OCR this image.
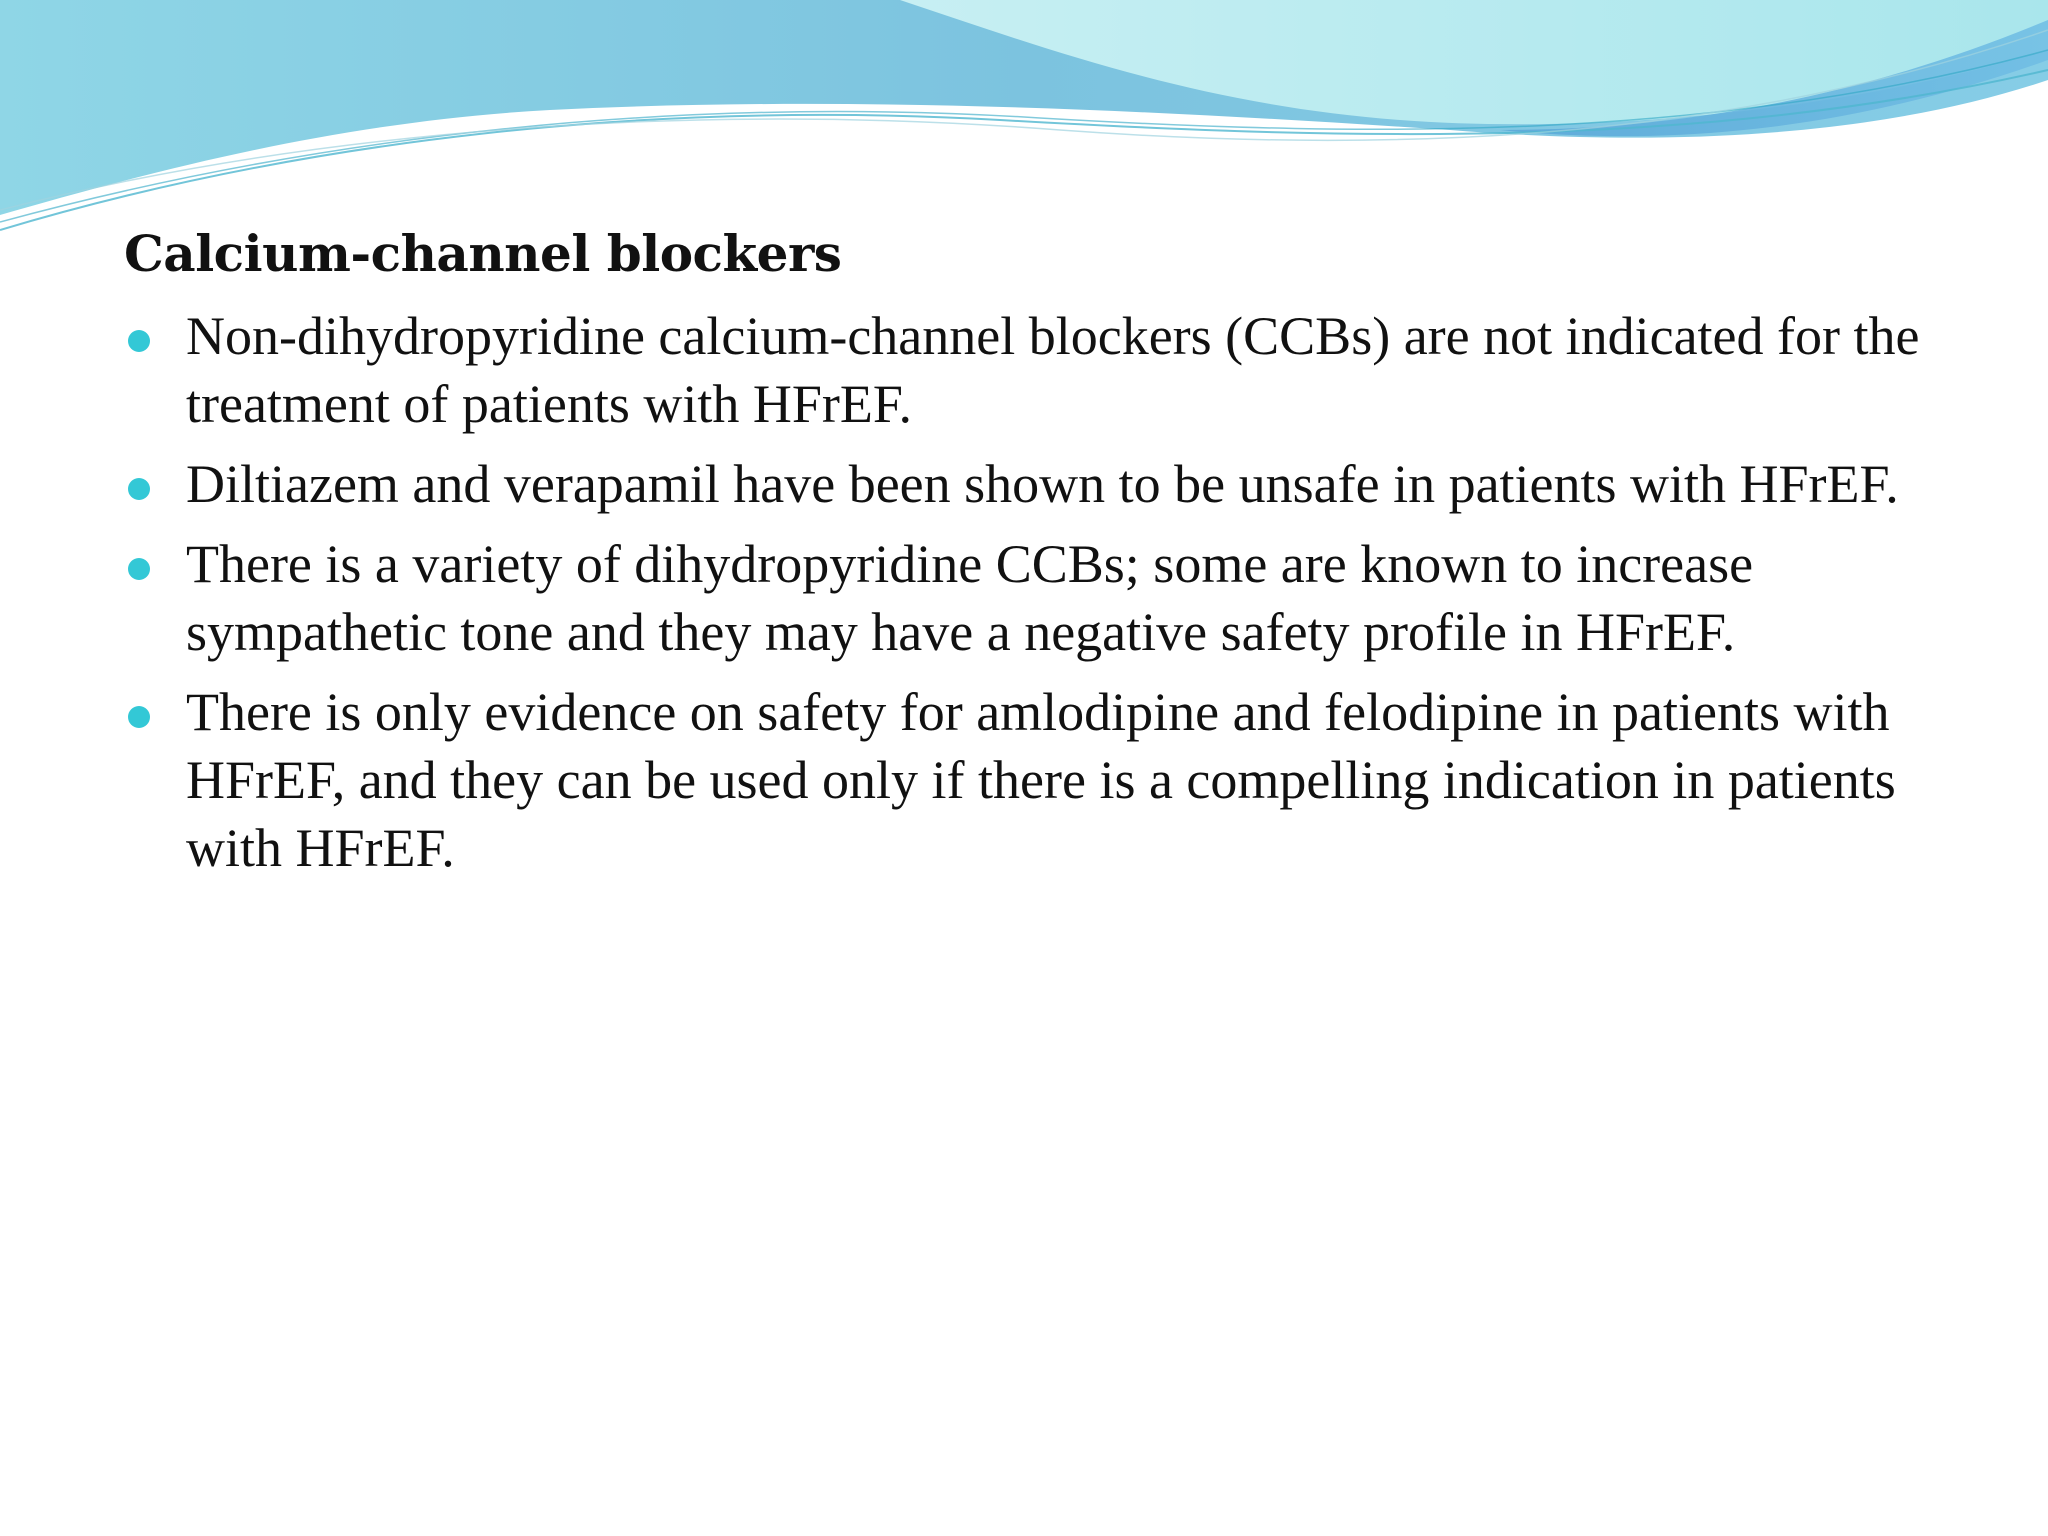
Calcium-channel blockers
Non-dihydropyridine calcium-channel blockers (CCBs) are not indicated for the treatment of patients with HFrEF.
Diltiazem and verapamil have been shown to be unsafe in patients with HFrEF.
There is a variety of dihydropyridine CCBs; some are known to increase sympathetic tone and they may have a negative safety profile in HFrEF.
There is only evidence on safety for amlodipine and felodipine in patients with HFrEF, and they can be used only if there is a compelling indication in patients with HFrEF.
